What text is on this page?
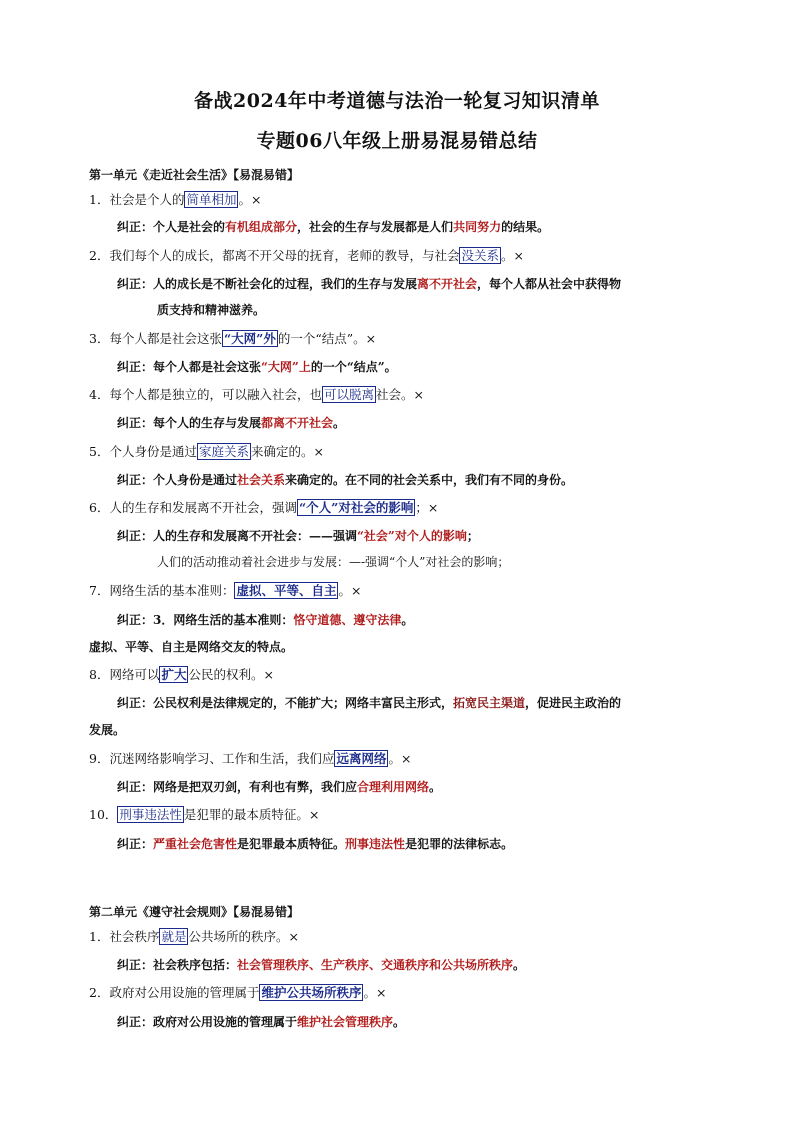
备战2024年中考道德与法治一轮复习知识清单
专题06八年级上册易混易错总结
第一单元《走近社会生活》【易混易错】
1．社会是个人的 简单相加 。×
纠正：个人是社会的有机组成部分，社会的生存与发展都是人们共同努力的结果。
2．我们每个人的成长，都离不开父母的抚育，老师的教导，与社会 没关系 。×
纠正：人的成长是不断社会化的过程，我们的生存与发展离不开社会，每个人都从社会中获得物
质支持和精神滋养。
3．每个人都是社会这张 “大网”外 的一个“结点”。×
纠正：每个人都是社会这张“大网”上的一个“结点”。
4．每个人都是独立的，可以融入社会，也 可以脱离 社会。×
纠正：每个人的生存与发展都离不开社会。
5．个人身份是通过 家庭关系 来确定的。×
纠正：个人身份是通过社会关系来确定的。在不同的社会关系中，我们有不同的身份。
6．人的生存和发展离不开社会，强调 “个人”对社会的影响 ；×
纠正：人的生存和发展离不开社会：——强调“社会”对个人的影响；
人们的活动推动着社会进步与发展：—-强调“个人”对社会的影响；
7．网络生活的基本准则： 虚拟、平等、自主 。×
纠正：3．网络生活的基本准则：恪守道德、遵守法律。
虚拟、平等、自主是网络交友的特点。
8．网络可以 扩大 公民的权利。×
纠正：公民权利是法律规定的，不能扩大；网络丰富民主形式，拓宽民主渠道，促进民主政治的
发展。
9．沉迷网络影响学习、工作和生活，我们应 远离网络 。×
纠正：网络是把双刃剑，有利也有弊，我们应合理利用网络。
10． 刑事违法性 是犯罪的最本质特征。×
纠正：严重社会危害性是犯罪最本质特征。刑事违法性是犯罪的法律标志。
第二单元《遵守社会规则》【易混易错】
1．社会秩序 就是 公共场所的秩序。×
纠正：社会秩序包括：社会管理秩序、生产秩序、交通秩序和公共场所秩序。
2．政府对公用设施的管理属于 维护公共场所秩序 。×
纠正：政府对公用设施的管理属于维护社会管理秩序。
